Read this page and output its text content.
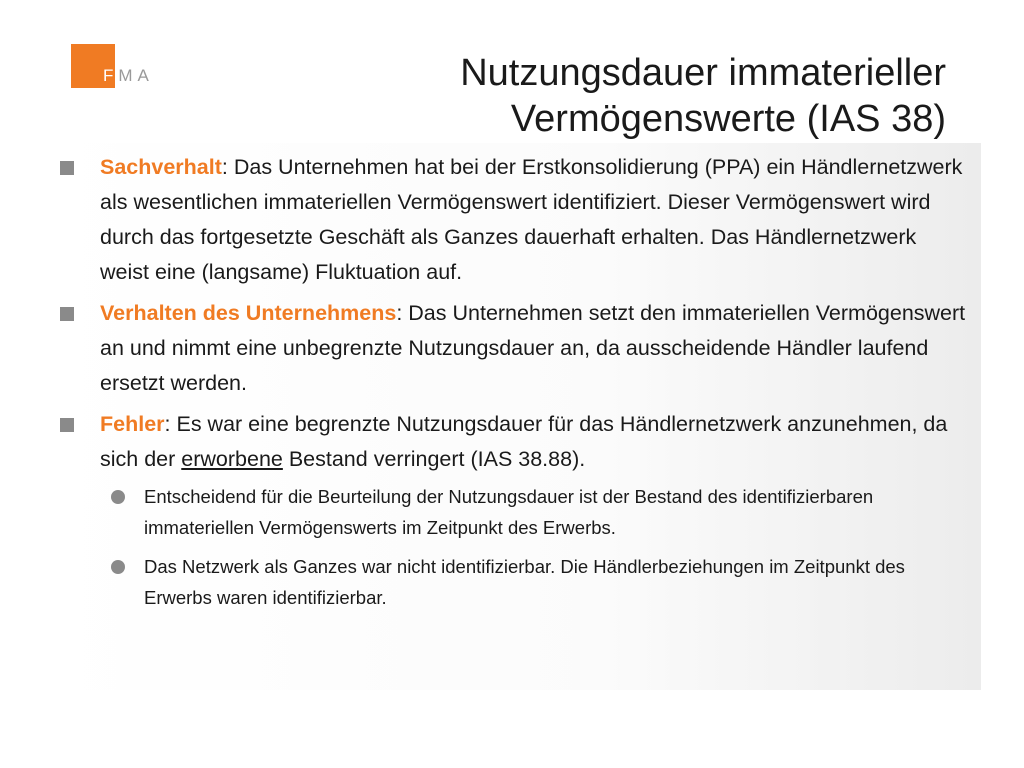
FMA	Nutzungsdauer immaterieller
Vermögenswerte (IAS 38)
Sachverhalt: Das Unternehmen hat bei der Erstkonsolidierung (PPA) ein Händlernetzwerk als wesentlichen immateriellen Vermögenswert identifiziert. Dieser Vermögenswert wird durch das fortgesetzte Geschäft als Ganzes dauerhaft erhalten. Das Händlernetzwerk weist eine (langsame) Fluktuation auf.
Verhalten des Unternehmens: Das Unternehmen setzt den immateriellen Vermögenswert an und nimmt eine unbegrenzte Nutzungsdauer an, da ausscheidende Händler laufend ersetzt werden.
Fehler: Es war eine begrenzte Nutzungsdauer für das Händlernetzwerk anzunehmen, da sich der erworbene Bestand verringert (IAS 38.88).
Entscheidend für die Beurteilung der Nutzungsdauer ist der Bestand des identifizierbaren immateriellen Vermögenswerts im Zeitpunkt des Erwerbs.
Das Netzwerk als Ganzes war nicht identifizierbar. Die Händlerbeziehungen im Zeitpunkt des Erwerbs waren identifizierbar.
